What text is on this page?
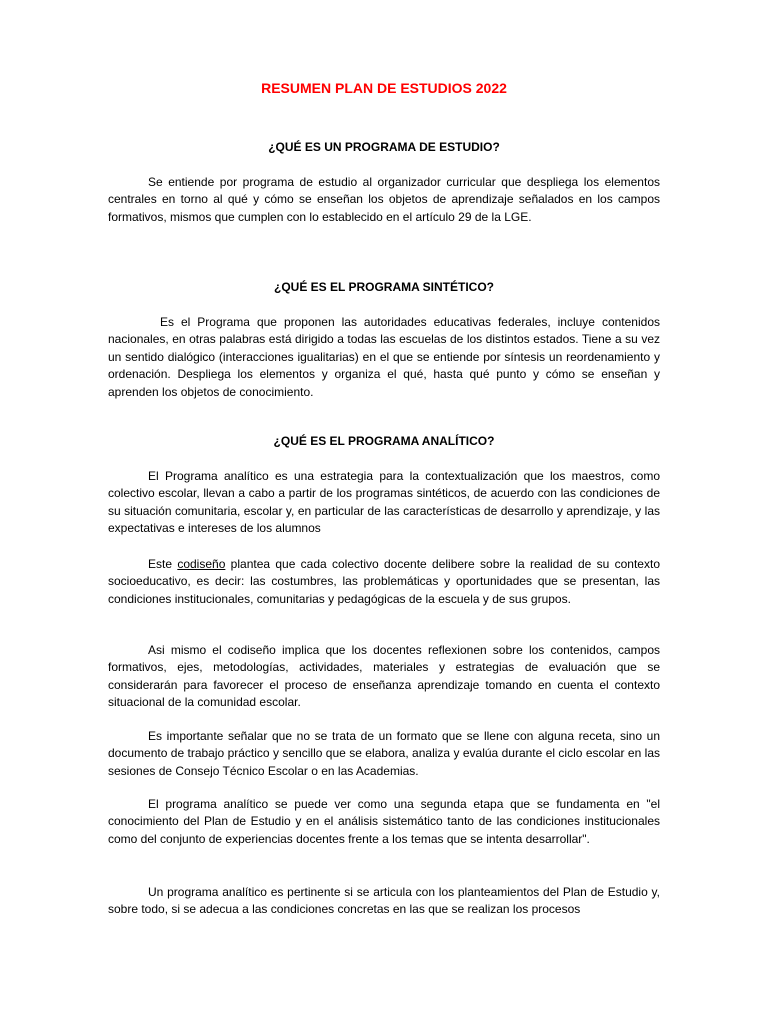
RESUMEN PLAN DE ESTUDIOS 2022
¿QUÉ ES UN PROGRAMA DE ESTUDIO?

Se entiende por programa de estudio al organizador curricular que despliega los elementos centrales en torno al qué y cómo se enseñan los objetos de aprendizaje señalados en los campos formativos, mismos que cumplen con lo establecido en el artículo 29 de la LGE.

¿QUÉ ES EL PROGRAMA SINTÉTICO?

Es el Programa que proponen las autoridades educativas federales, incluye contenidos nacionales, en otras palabras está dirigido a todas las escuelas de los distintos estados. Tiene a su vez un sentido dialógico (interacciones igualitarias) en el que se entiende por síntesis un reordenamiento y ordenación. Despliega los elementos y organiza el qué, hasta qué punto y cómo se enseñan y aprenden los objetos de conocimiento.

¿QUÉ ES EL PROGRAMA ANALÍTICO?

El Programa analítico es una estrategia para la contextualización que los maestros, como colectivo escolar, llevan a cabo a partir de los programas sintéticos, de acuerdo con las condiciones de su situación comunitaria, escolar y, en particular de las características de desarrollo y aprendizaje, y las expectativas e intereses de los alumnos

Este codiseño plantea que cada colectivo docente delibere sobre la realidad de su contexto socioeducativo, es decir: las costumbres, las problemáticas y oportunidades que se presentan, las condiciones institucionales, comunitarias y pedagógicas de la escuela y de sus grupos.

Asi mismo el codiseño implica que los docentes reflexionen sobre los contenidos, campos formativos, ejes, metodologías, actividades, materiales y estrategias de evaluación que se considerarán para favorecer el proceso de enseñanza aprendizaje tomando en cuenta el contexto situacional de la comunidad escolar.

Es importante señalar que no se trata de un formato que se llene con alguna receta, sino un documento de trabajo práctico y sencillo que se elabora, analiza y evalúa durante el ciclo escolar en las sesiones de Consejo Técnico Escolar o en las Academias.

El programa analítico se puede ver como una segunda etapa que se fundamenta en "el conocimiento del Plan de Estudio y en el análisis sistemático tanto de las condiciones institucionales como del conjunto de experiencias docentes frente a los temas que se intenta desarrollar".

Un programa analítico es pertinente si se articula con los planteamientos del Plan de Estudio y, sobre todo, si se adecua a las condiciones concretas en las que se realizan los procesos
